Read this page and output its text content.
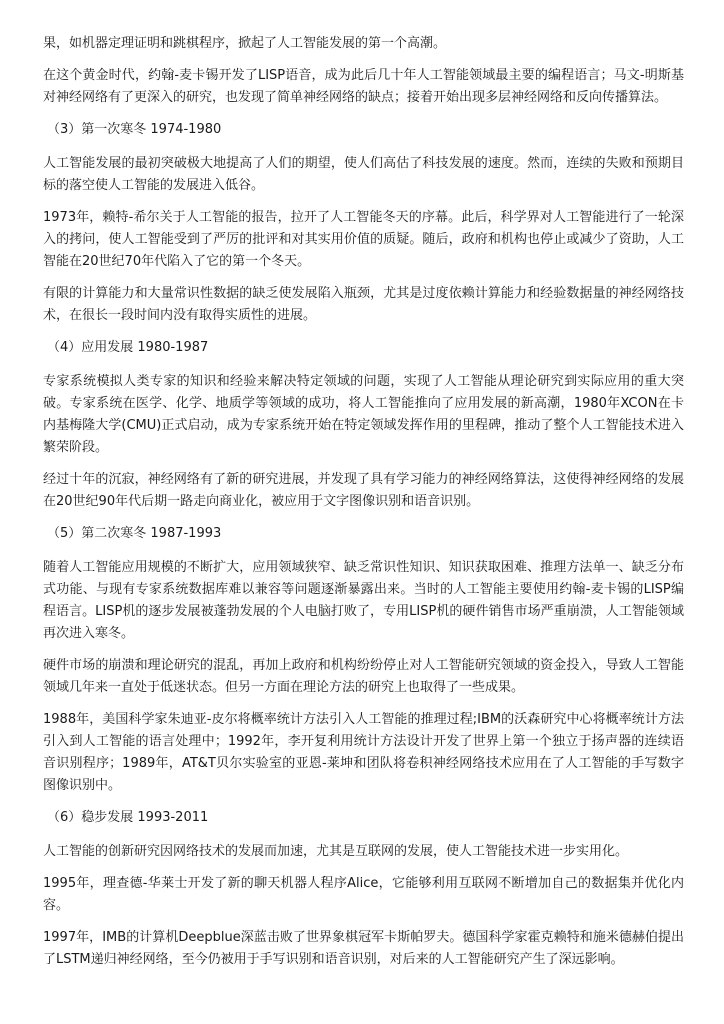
果，如机器定理证明和跳棋程序，掀起了人工智能发展的第一个高潮。

在这个黄金时代，约翰-麦卡锡开发了LISP语音，成为此后几十年人工智能领域最主要的编程语言；马文-明斯基对神经网络有了更深入的研究，也发现了简单神经网络的缺点；接着开始出现多层神经网络和反向传播算法。

（3）第一次寒冬 1974-1980

人工智能发展的最初突破极大地提高了人们的期望，使人们高估了科技发展的速度。然而，连续的失败和预期目标的落空使人工智能的发展进入低谷。

1973年，赖特-希尔关于人工智能的报告，拉开了人工智能冬天的序幕。此后，科学界对人工智能进行了一轮深入的拷问，使人工智能受到了严厉的批评和对其实用价值的质疑。随后，政府和机构也停止或减少了资助，人工智能在20世纪70年代陷入了它的第一个冬天。

有限的计算能力和大量常识性数据的缺乏使发展陷入瓶颈，尤其是过度依赖计算能力和经验数据量的神经网络技术，在很长一段时间内没有取得实质性的进展。

（4）应用发展 1980-1987

专家系统模拟人类专家的知识和经验来解决特定领域的问题，实现了人工智能从理论研究到实际应用的重大突破。专家系统在医学、化学、地质学等领域的成功，将人工智能推向了应用发展的新高潮，1980年XCON在卡内基梅隆大学(CMU)正式启动，成为专家系统开始在特定领域发挥作用的里程碑，推动了整个人工智能技术进入繁荣阶段。

经过十年的沉寂，神经网络有了新的研究进展，并发现了具有学习能力的神经网络算法，这使得神经网络的发展在20世纪90年代后期一路走向商业化，被应用于文字图像识别和语音识别。

（5）第二次寒冬 1987-1993

随着人工智能应用规模的不断扩大，应用领域狭窄、缺乏常识性知识、知识获取困难、推理方法单一、缺乏分布式功能、与现有专家系统数据库难以兼容等问题逐渐暴露出来。当时的人工智能主要使用约翰-麦卡锡的LISP编程语言。LISP机的逐步发展被蓬勃发展的个人电脑打败了，专用LISP机的硬件销售市场严重崩溃，人工智能领域再次进入寒冬。

硬件市场的崩溃和理论研究的混乱，再加上政府和机构纷纷停止对人工智能研究领域的资金投入，导致人工智能领域几年来一直处于低迷状态。但另一方面在理论方法的研究上也取得了一些成果。

1988年，美国科学家朱迪亚-皮尔将概率统计方法引入人工智能的推理过程;IBM的沃森研究中心将概率统计方法引入到人工智能的语言处理中；1992年，李开复利用统计方法设计开发了世界上第一个独立于扬声器的连续语音识别程序；1989年，AT&T贝尔实验室的亚恩-莱坤和团队将卷积神经网络技术应用在了人工智能的手写数字图像识别中。

（6）稳步发展 1993-2011

人工智能的创新研究因网络技术的发展而加速，尤其是互联网的发展，使人工智能技术进一步实用化。

1995年，理查德-华莱士开发了新的聊天机器人程序Alice，它能够利用互联网不断增加自己的数据集并优化内容。

1997年，IMB的计算机Deepblue深蓝击败了世界象棋冠军卡斯帕罗夫。德国科学家霍克赖特和施米德赫伯提出了LSTM递归神经网络，至今仍被用于手写识别和语音识别，对后来的人工智能研究产生了深远影响。
